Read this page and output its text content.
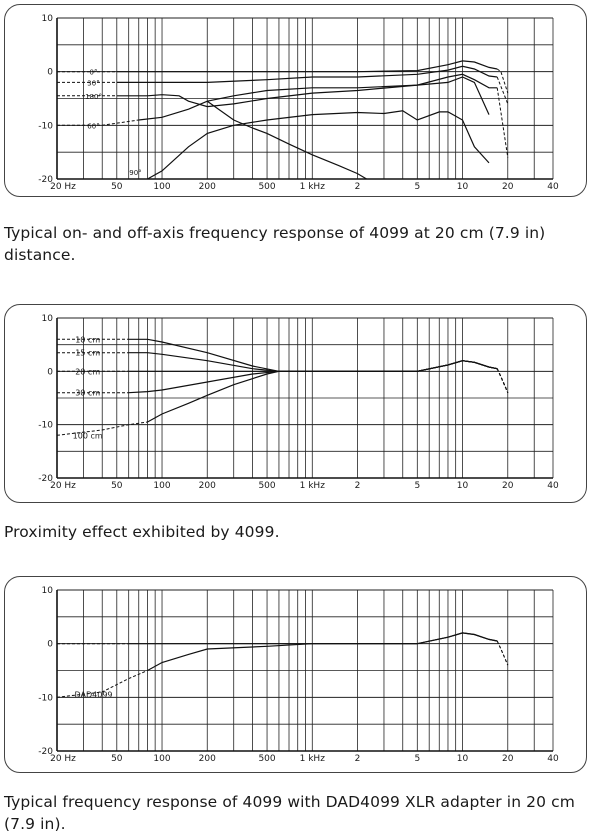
10
0
-10
-20
20 Hz	50	100	200	500	1 kHz	2	5	10	20	40
0°
30°
180°
60°
90°
Typical on- and off-axis frequency response of 4099 at 20 cm (7.9 in) distance.
10
0
-10
-20
20 Hz	50	100	200	500	1 kHz	2	5	10	20	40
10 cm
15 cm
20 cm
30 cm
100 cm
Proximity effect exhibited by 4099.
10
0
-10
-20
20 Hz	50	100	200	500	1 kHz	2	5	10	20	40
DAD4099
Typical frequency response of 4099 with DAD4099 XLR adapter in 20 cm (7.9 in).
